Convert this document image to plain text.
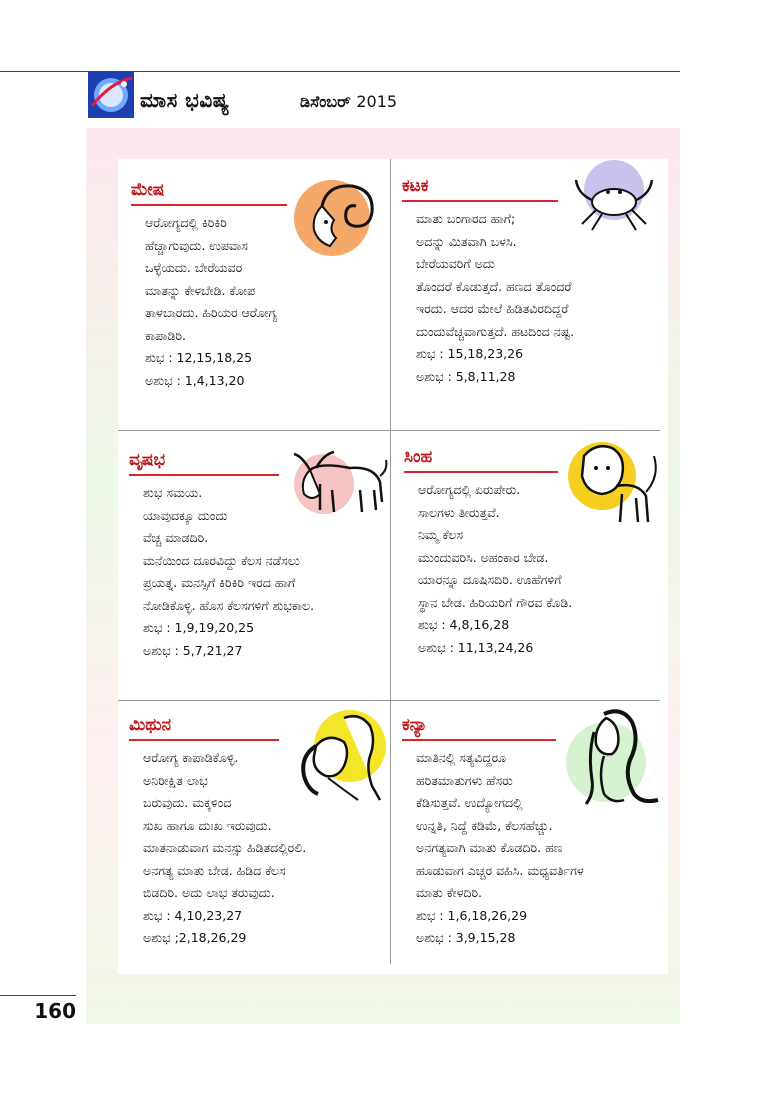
ಮಾಸ ಭವಿಷ್ಯ	ಡಿಸೆಂಬರ್ 2015
ಮೇಷ

ಆರೋಗ್ಯದಲ್ಲಿ ಕಿರಿಕಿರಿ

ಹೆಚ್ಚಾಗುವುದು. ಉಪವಾಸ

ಒಳ್ಳೆಯದು. ಬೇರೆಯವರ

ಮಾತನ್ನು ಕೇಳಬೇಡಿ. ಕೋಪ

ತಾಳಬಾರದು. ಹಿರಿಯರ ಆರೋಗ್ಯ

ಕಾಪಾಡಿರಿ.

ಶುಭ : 12,15,18,25

ಅಶುಭ : 1,4,13,20

ಕಟಕ

ಮಾತು ಬಂಗಾರದ ಹಾಗೆ;

ಅದನ್ನು ಮಿತವಾಗಿ ಬಳಸಿ.

ಬೇರೆಯವರಿಗೆ ಅದು

ತೊಂದರೆ ಕೊಡುತ್ತದೆ. ಹಣದ ತೊಂದರೆ

ಇರದು. ಆದರ ಮೇಲೆ ಹಿಡಿತವಿರದಿದ್ದರೆ

ದುಂದುವೆಚ್ಚವಾಗುತ್ತದೆ. ಹಟದಿಂದ ನಷ್ಟ.

ಶುಭ : 15,18,23,26

ಅಶುಭ : 5,8,11,28

ವೃಷಭ

ಶುಭ ಸಮಯ.

ಯಾವುದಕ್ಕೂ ದುಂದು

ವೆಚ್ಚ ಮಾಡದಿರಿ.

ಮನೆಯಿಂದ ದೂರವಿದ್ದು ಕೆಲಸ ನಡೆಸಲು

ಪ್ರಯತ್ನ. ಮನಸ್ಸಿಗೆ ಕಿರಿಕಿರಿ ಇರದ ಹಾಗೆ

ನೋಡಿಕೊಳ್ಳಿ. ಹೊಸ ಕೆಲಸಗಳಿಗೆ ಶುಭಕಾಲ.

ಶುಭ : 1,9,19,20,25

ಅಶುಭ : 5,7,21,27

ಸಿಂಹ

ಆರೋಗ್ಯದಲ್ಲಿ ಏರುಪೇರು.

ಸಾಲಗಳು ತೀರುತ್ತವೆ.

ನಿಮ್ಮ ಕೆಲಸ

ಮುಂದುವರಿಸಿ. ಅಹಂಕಾರ ಬೇಡ.

ಯಾರನ್ನೂ ದೂಷಿಸದಿರಿ. ಊಹೆಗಳಿಗೆ

ಸ್ಥಾನ ಬೇಡ. ಹಿರಿಯರಿಗೆ ಗೌರವ ಕೊಡಿ.

ಶುಭ : 4,8,16,28

ಅಶುಭ : 11,13,24,26

ಮಿಥುನ

ಆರೋಗ್ಯ ಕಾಪಾಡಿಕೊಳ್ಳಿ.

ಅನಿರೀಕ್ಷಿತ ಲಾಭ

ಬರುವುದು. ಮಕ್ಕಳಿಂದ

ಸುಖ ಹಾಗೂ ದುಃಖ ಇರುವುದು.

ಮಾತನಾಡುವಾಗ ಮನಸ್ಸು ಹಿಡಿತದಲ್ಲಿರಲಿ.

ಅನಗತ್ಯ ಮಾತು ಬೇಡ. ಹಿಡಿದ ಕೆಲಸ

ಬಿಡದಿರಿ. ಅದು ಲಾಭ ತರುವುದು.

ಶುಭ : 4,10,23,27

ಅಶುಭ ;2,18,26,29

ಕನ್ಯಾ

ಮಾತಿನಲ್ಲಿ ಸತ್ಯವಿದ್ದರೂ

ಹರಿತಮಾತುಗಳು ಹೆಸರು

ಕೆಡಿಸುತ್ತವೆ. ಉದ್ಯೋಗದಲ್ಲಿ

ಉನ್ನತಿ, ನಿದ್ದೆ ಕಡಿಮೆ, ಕೆಲಸಹೆಚ್ಚು.

ಅನಗತ್ಯವಾಗಿ ಮಾತು ಕೊಡದಿರಿ. ಹಣ

ಹೂಡುವಾಗ ಎಚ್ಚರ ವಹಿಸಿ. ಮಧ್ಯವರ್ತಿಗಳ

ಮಾತು ಕೇಳದಿರಿ.

ಶುಭ : 1,6,18,26,29

ಅಶುಭ : 3,9,15,28

160
